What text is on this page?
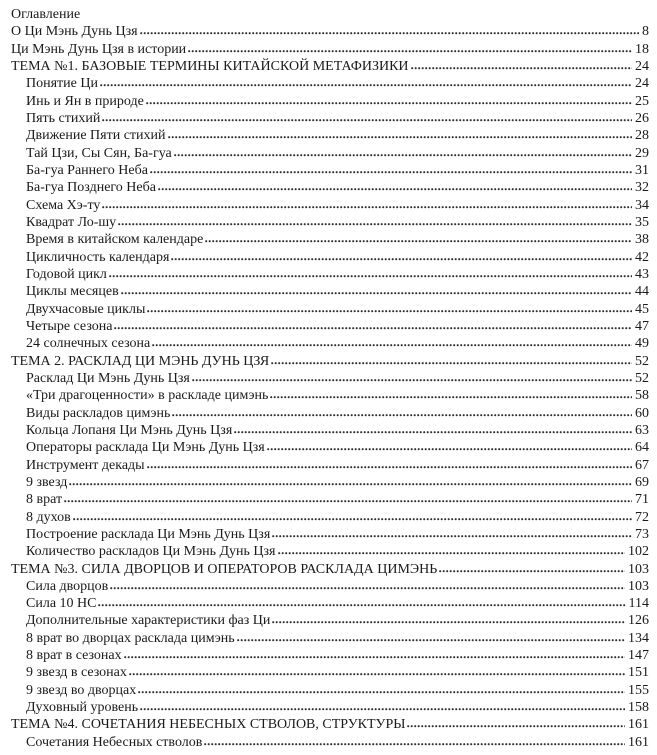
Оглавление
О Ци Мэнь Дунь Цзя	8
Ци Мэнь Дунь Цзя в истории	18
ТЕМА №1. БАЗОВЫЕ ТЕРМИНЫ КИТАЙСКОЙ МЕТАФИЗИКИ	24
Понятие Ци	24
Инь и Ян в природе	25
Пять стихий	26
Движение Пяти стихий	28
Тай Цзи, Сы Сян, Ба-гуа	29
Ба-гуа Раннего Неба	31
Ба-гуа Позднего Неба	32
Схема Хэ-ту	34
Квадрат Ло-шу	35
Время в китайском календаре	38
Цикличность календаря	42
Годовой цикл	43
Циклы месяцев	44
Двухчасовые циклы	45
Четыре сезона	47
24 солнечных сезона	49
ТЕМА 2. РАСКЛАД ЦИ МЭНЬ ДУНЬ ЦЗЯ	52
Расклад Ци Мэнь Дунь Цзя	52
«Три драгоценности» в раскладе цимэнь	58
Виды раскладов цимэнь	60
Кольца Лопаня Ци Мэнь Дунь Цзя	63
Операторы расклада Ци Мэнь Дунь Цзя	64
Инструмент декады	67
9 звезд	69
8 врат	71
8 духов	72
Построение расклада Ци Мэнь Дунь Цзя	73
Количество раскладов Ци Мэнь Дунь Цзя	102
ТЕМА №3. СИЛА ДВОРЦОВ И ОПЕРАТОРОВ РАСКЛАДА ЦИМЭНЬ	103
Сила дворцов	103
Сила 10 НС	114
Дополнительные характеристики фаз Ци	126
8 врат во дворцах расклада цимэнь	134
8 врат в сезонах	147
9 звезд в сезонах	151
9 звезд во дворцах	155
Духовный уровень	158
ТЕМА №4. СОЧЕТАНИЯ НЕБЕСНЫХ СТВОЛОВ, СТРУКТУРЫ	161
Сочетания Небесных стволов	161
